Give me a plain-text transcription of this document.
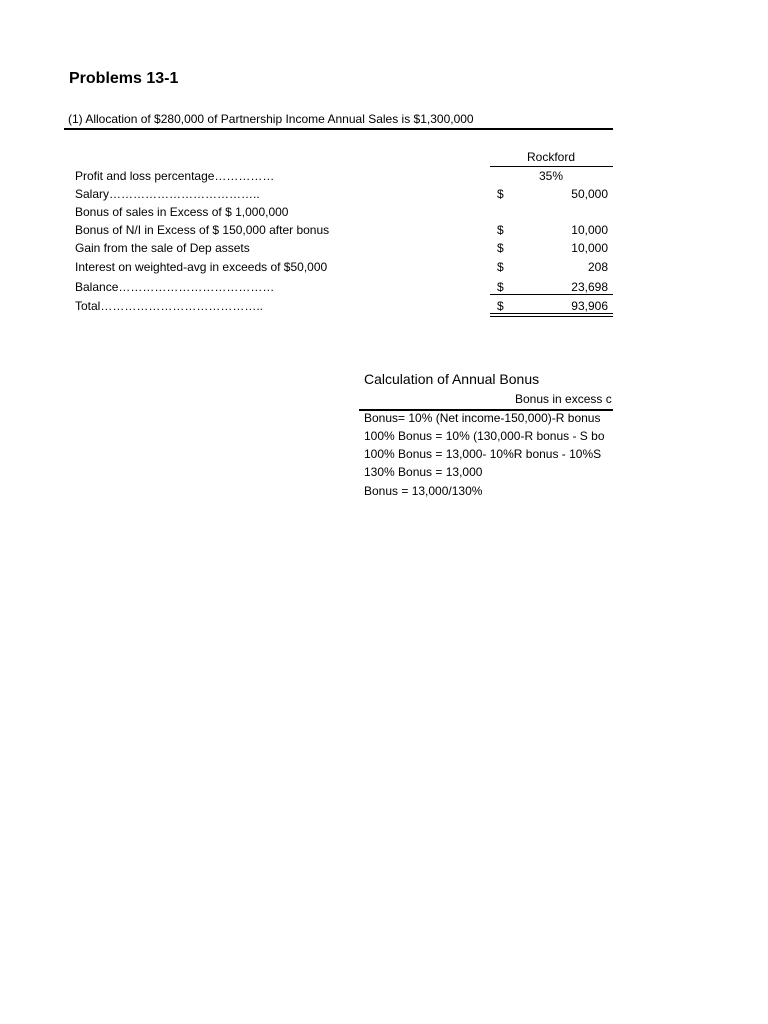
Problems 13-1
(1) Allocation of $280,000 of Partnership Income Annual Sales is $1,300,000
Rockford
Profit and loss percentage……………	35%
Salary………………………………..	$	50,000
Bonus of sales in Excess of $ 1,000,000
Bonus of N/I in Excess of $ 150,000 after bonus	$	10,000
Gain from the sale of Dep assets	$	10,000
Interest on weighted-avg in exceeds of $50,000	$	208
Balance…………………………………	$	23,698
Total…………………………………..	$	93,906
Calculation of Annual Bonus
Bonus in excess c
Bonus= 10% (Net income-150,000)-R bonus
100% Bonus = 10% (130,000-R bonus - S bo
100% Bonus = 13,000- 10%R bonus - 10%S
130% Bonus = 13,000
Bonus = 13,000/130%
